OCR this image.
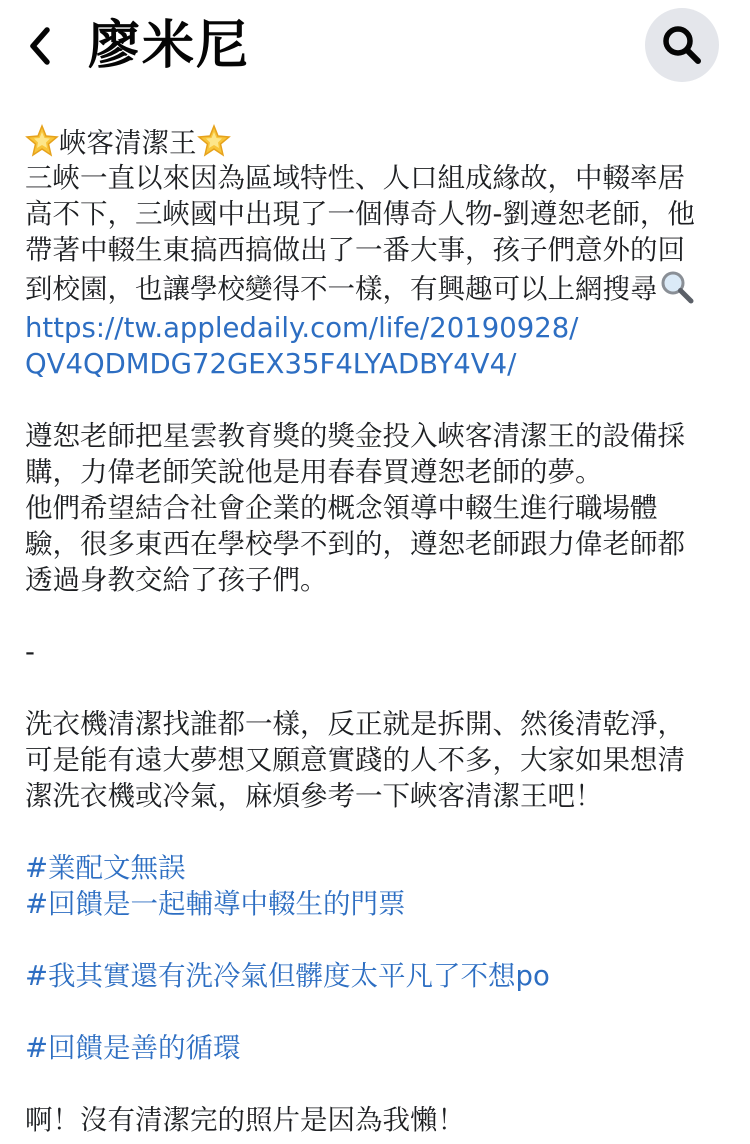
廖米尼
峽客清潔王
三峽一直以來因為區域特性、人口組成緣故，中輟率居
高不下，三峽國中出現了一個傳奇人物-劉遵恕老師，他
帶著中輟生東搞西搞做出了一番大事，孩子們意外的回
到校園，也讓學校變得不一樣，有興趣可以上網搜尋
https://tw.appledaily.com/life/20190928/
QV4QDMDG72GEX35F4LYADBY4V4/
遵恕老師把星雲教育獎的獎金投入峽客清潔王的設備採
購，力偉老師笑說他是用春春買遵恕老師的夢。
他們希望結合社會企業的概念領導中輟生進行職場體
驗，很多東西在學校學不到的，遵恕老師跟力偉老師都
透過身教交給了孩子們。
-
洗衣機清潔找誰都一樣，反正就是拆開、然後清乾淨，
可是能有遠大夢想又願意實踐的人不多，大家如果想清
潔洗衣機或冷氣，麻煩參考一下峽客清潔王吧！
#業配文無誤
#回饋是一起輔導中輟生的門票
#我其實還有洗冷氣但髒度太平凡了不想po
#回饋是善的循環
啊！沒有清潔完的照片是因為我懶！
